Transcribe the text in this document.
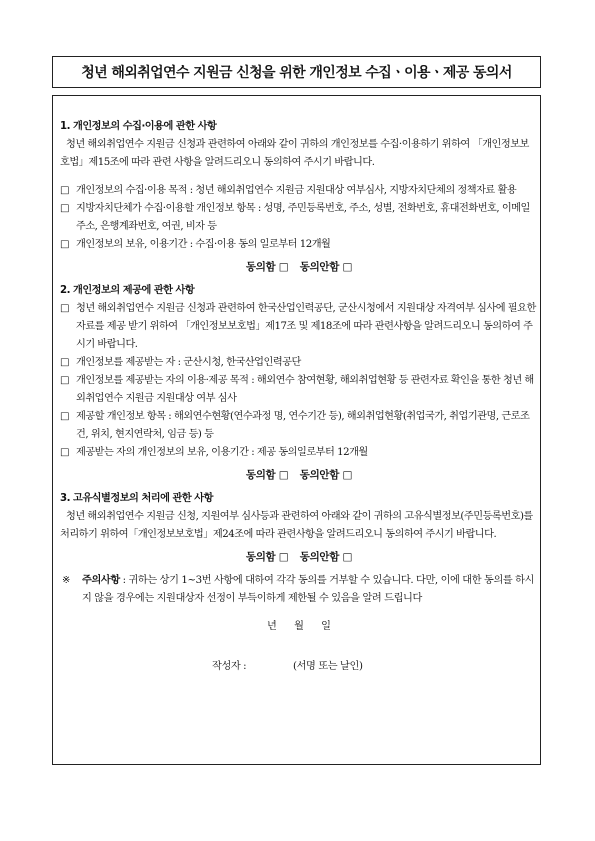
청년 해외취업연수 지원금 신청을 위한 개인정보 수집ㆍ이용ㆍ제공 동의서
1. 개인정보의 수집·이용에 관한 사항
청년 해외취업연수 지원금 신청과 관련하여 아래와 같이 귀하의 개인정보를 수집·이용하기 위하여 「개인정보보호법」제15조에 따라 관련 사항을 알려드리오니 동의하여 주시기 바랍니다.
□ 개인정보의 수집·이용 목적 : 청년 해외취업연수 지원금 지원대상 여부심사, 지방자치단체의 정책자료 활용
□ 지방자치단체가 수집·이용할 개인정보 항목 : 성명, 주민등록번호, 주소, 성별, 전화번호, 휴대전화번호, 이메일주소, 은행계좌번호, 여권, 비자 등
□ 개인정보의 보유, 이용기간 : 수집·이용 동의 일로부터 12개월
동의함 □ 동의안함 □
2. 개인정보의 제공에 관한 사항
□ 청년 해외취업연수 지원금 신청과 관련하여 한국산업인력공단, 군산시청에서 지원대상 자격여부 심사에 필요한 자료를 제공 받기 위하여 「개인정보보호법」제17조 및 제18조에 따라 관련사항을 알려드리오니 동의하여 주시기 바랍니다.
□ 개인정보를 제공받는 자 : 군산시청, 한국산업인력공단
□ 개인정보를 제공받는 자의 이용·제공 목적 : 해외연수 참여현황, 해외취업현황 등 관련자료 확인을 통한 청년 해외취업연수 지원금 지원대상 여부 심사
□ 제공할 개인정보 항목 : 해외연수현황(연수과정 명, 연수기간 등), 해외취업현황(취업국가, 취업기관명, 근로조건, 위치, 현지연락처, 임금 등) 등
□ 제공받는 자의 개인정보의 보유, 이용기간 : 제공 동의일로부터 12개월
동의함 □ 동의안함 □
3. 고유식별정보의 처리에 관한 사항
청년 해외취업연수 지원금 신청, 지원여부 심사등과 관련하여 아래와 같이 귀하의 고유식별정보(주민등록번호)를 처리하기 위하여「개인정보보호법」제24조에 따라 관련사항을 알려드리오니 동의하여 주시기 바랍니다.
동의함 □ 동의안함 □
※	주의사항 : 귀하는 상기 1~3번 사항에 대하여 각각 동의를 거부할 수 있습니다. 다만, 이에 대한 동의를 하시지 않을 경우에는 지원대상자 선정이 부득이하게 제한될 수 있음을 알려 드립니다
년 월 일
작성자 :	(서명 또는 날인)
